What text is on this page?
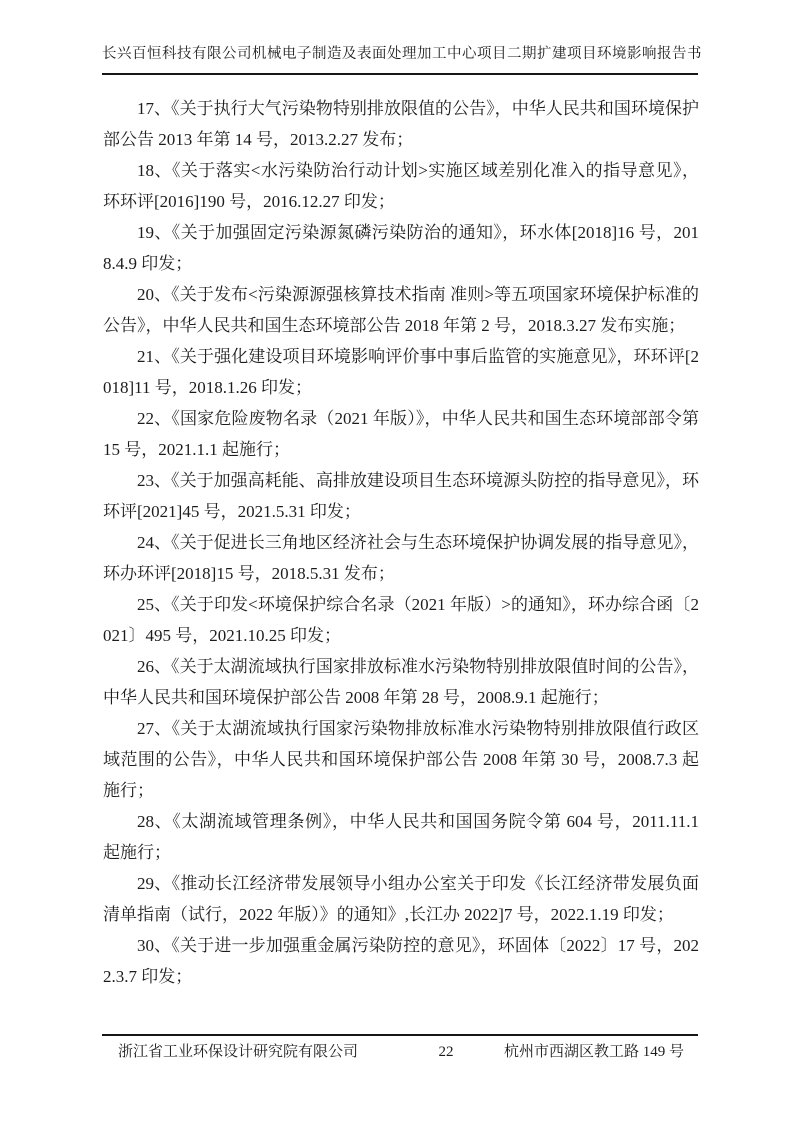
长兴百恒科技有限公司机械电子制造及表面处理加工中心项目二期扩建项目环境影响报告书

17、《关于执行大气污染物特别排放限值的公告》，中华人民共和国环境保护部公告 2013 年第 14 号，2013.2.27 发布；

18、《关于落实<水污染防治行动计划>实施区域差别化准入的指导意见》，环环评[2016]190 号，2016.12.27 印发；

19、《关于加强固定污染源氮磷污染防治的通知》，环水体[2018]16 号，2018.4.9 印发；

20、《关于发布<污染源源强核算技术指南 准则>等五项国家环境保护标准的公告》，中华人民共和国生态环境部公告 2018 年第 2 号，2018.3.27 发布实施；

21、《关于强化建设项目环境影响评价事中事后监管的实施意见》，环环评[2018]11 号，2018.1.26 印发；

22、《国家危险废物名录（2021 年版）》，中华人民共和国生态环境部部令第 15 号，2021.1.1 起施行；

23、《关于加强高耗能、高排放建设项目生态环境源头防控的指导意见》，环环评[2021]45 号，2021.5.31 印发；

24、《关于促进长三角地区经济社会与生态环境保护协调发展的指导意见》，环办环评[2018]15 号，2018.5.31 发布；

25、《关于印发<环境保护综合名录（2021 年版）>的通知》，环办综合函〔2021〕495 号，2021.10.25 印发；

26、《关于太湖流域执行国家排放标准水污染物特别排放限值时间的公告》，中华人民共和国环境保护部公告 2008 年第 28 号，2008.9.1 起施行；

27、《关于太湖流域执行国家污染物排放标准水污染物特别排放限值行政区域范围的公告》，中华人民共和国环境保护部公告 2008 年第 30 号，2008.7.3 起施行；

28、《太湖流域管理条例》，中华人民共和国国务院令第 604 号，2011.11.1 起施行；

29、《推动长江经济带发展领导小组办公室关于印发《长江经济带发展负面清单指南（试行，2022 年版）》的通知》,长江办 2022]7 号，2022.1.19 印发；

30、《关于进一步加强重金属污染防控的意见》，环固体〔2022〕17 号，2022.3.7 印发；

浙江省工业环保设计研究院有限公司	22	杭州市西湖区教工路 149 号
